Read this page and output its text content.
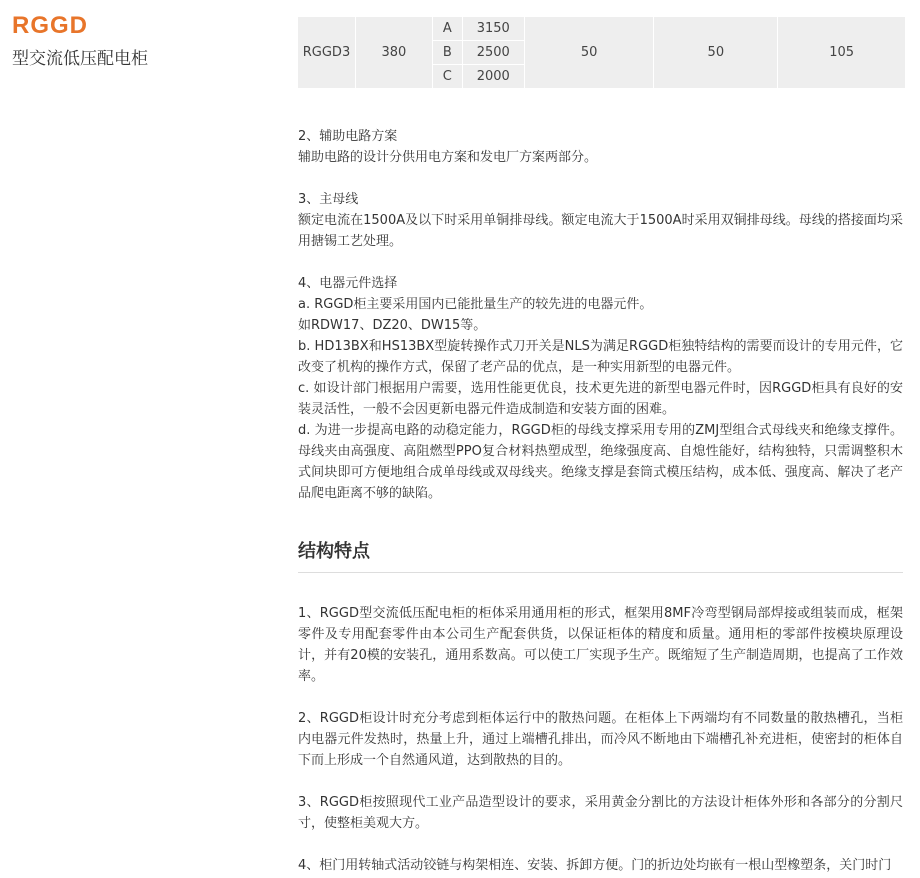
RGGD
型交流低压配电柜	RGGD3	380	A	3150	50	50	105
		B	2500			
		C	2000			

2、辅助电路方案

辅助电路的设计分供用电方案和发电厂方案两部分。

3、主母线

额定电流在1500A及以下时采用单铜排母线。额定电流大于1500A时采用双铜排母线。母线的搭接面均采用搪锡工艺处理。

4、电器元件选择

a. RGGD柜主要采用国内已能批量生产的较先进的电器元件。

如RDW17、DZ20、DW15等。

b. HD13BX和HS13BX型旋转操作式刀开关是NLS为满足RGGD柜独特结构的需要而设计的专用元件，它改变了机构的操作方式，保留了老产品的优点，是一种实用新型的电器元件。

c. 如设计部门根据用户需要，选用性能更优良，技术更先进的新型电器元件时，因RGGD柜具有良好的安装灵活性，一般不会因更新电器元件造成制造和安装方面的困难。

d. 为进一步提高电路的动稳定能力，RGGD柜的母线支撑采用专用的ZMJ型组合式母线夹和绝缘支撑件。母线夹由高强度、高阻燃型PPO复合材料热塑成型，绝缘强度高、自熄性能好，结构独特，只需调整积木式间块即可方便地组合成单母线或双母线夹。绝缘支撑是套筒式模压结构，成本低、强度高、解决了老产品爬电距离不够的缺陷。

结构特点

1、RGGD型交流低压配电柜的柜体采用通用柜的形式，框架用8MF冷弯型钢局部焊接或组装而成，框架零件及专用配套零件由本公司生产配套供货，以保证柜体的精度和质量。通用柜的零部件按模块原理设计，并有20模的安装孔，通用系数高。可以使工厂实现予生产。既缩短了生产制造周期，也提高了工作效率。

2、RGGD柜设计时充分考虑到柜体运行中的散热问题。在柜体上下两端均有不同数量的散热槽孔，当柜内电器元件发热时，热量上升，通过上端槽孔排出，而冷风不断地由下端槽孔补充进柜，使密封的柜体自下而上形成一个自然通风道，达到散热的目的。

3、RGGD柜按照现代工业产品造型设计的要求，采用黄金分割比的方法设计柜体外形和各部分的分割尺寸，使整柜美观大方。

4、柜门用转轴式活动铰链与构架相连、安装、拆卸方便。门的折边处均嵌有一根山型橡塑条，关门时门
